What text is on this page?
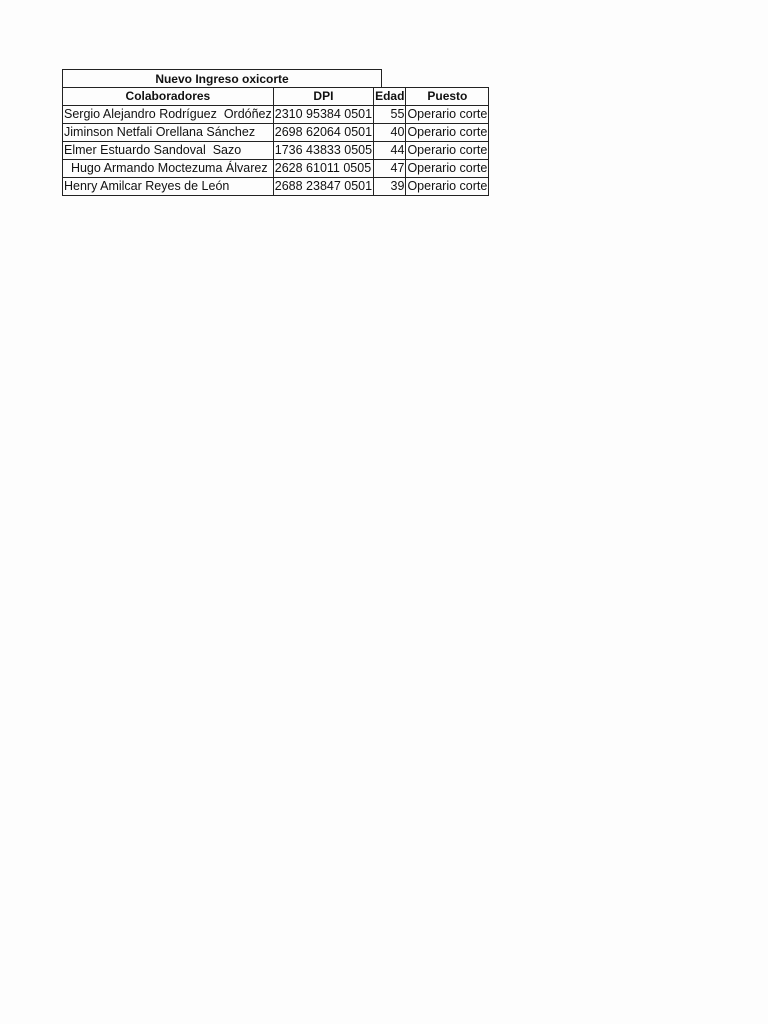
Nuevo Ingreso oxicorte
Colaboradores	DPI	Edad	Puesto
Sergio Alejandro Rodríguez  Ordóñez	2310 95384 0501	55	Operario corte
Jiminson Netfali Orellana Sánchez	2698 62064 0501	40	Operario corte
Elmer Estuardo Sandoval  Sazo	1736 43833 0505	44	Operario corte
Hugo Armando Moctezuma Álvarez	2628 61011 0505	47	Operario corte
Henry Amilcar Reyes de León	2688 23847 0501	39	Operario corte
